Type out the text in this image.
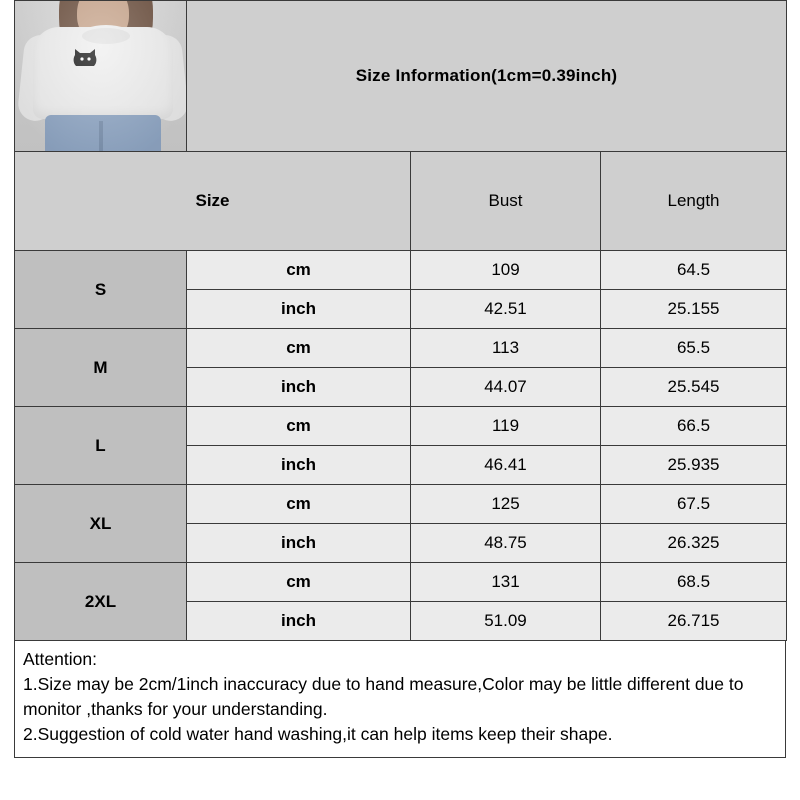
	Size Information(1cm=0.39inch)		
Size		Bust	Length
S	cm	109	64.5
	inch	42.51	25.155
M	cm	113	65.5
	inch	44.07	25.545
L	cm	119	66.5
	inch	46.41	25.935
XL	cm	125	67.5
	inch	48.75	26.325
2XL	cm	131	68.5
	inch	51.09	26.715

Attention:

1.Size may be 2cm/1inch inaccuracy due to hand measure,Color may be little different due to monitor ,thanks for your understanding.

2.Suggestion of cold water hand washing,it can help items keep their shape.
